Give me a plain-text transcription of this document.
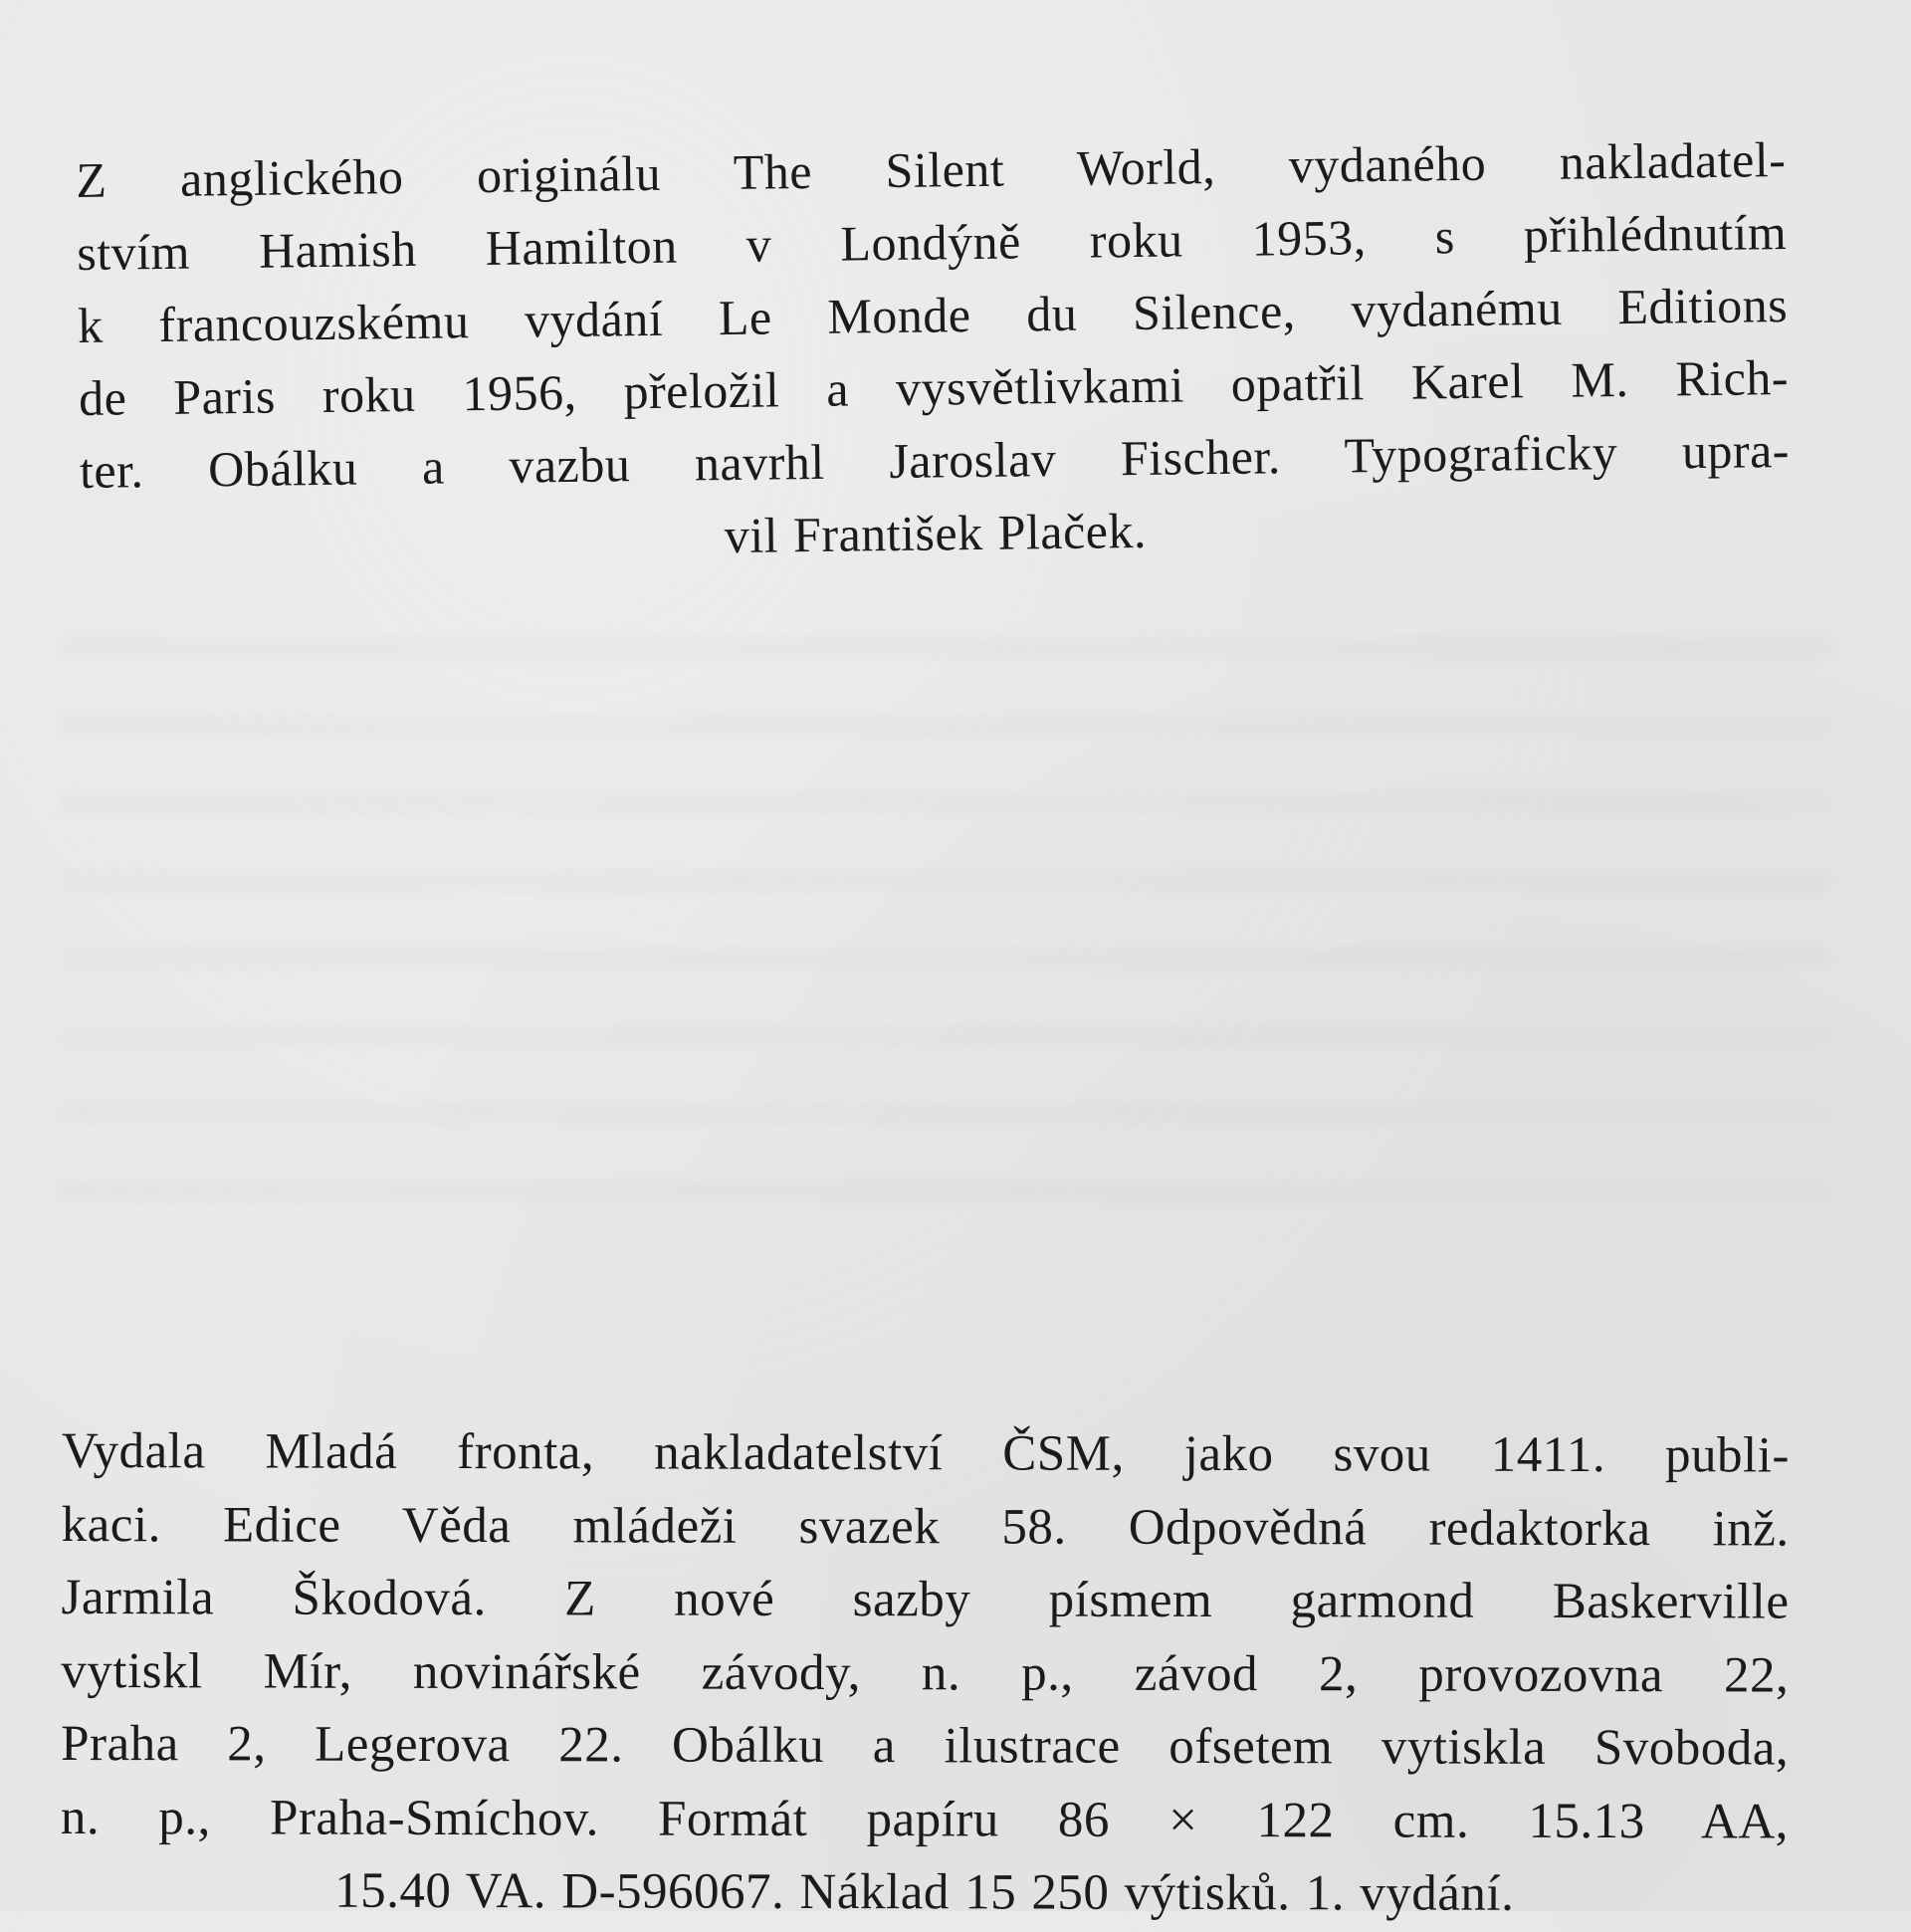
Z anglického originálu The Silent World, vydaného nakladatel-
stvím Hamish Hamilton v Londýně roku 1953, s přihlédnutím
k francouzskému vydání Le Monde du Silence, vydanému Editions
de Paris roku 1956, přeložil a vysvětlivkami opatřil Karel M. Rich-
ter. Obálku a vazbu navrhl Jaroslav Fischer. Typograficky upra-
vil František Plaček.
Vydala Mladá fronta, nakladatelství ČSM, jako svou 1411. publi-
kaci. Edice Věda mládeži svazek 58. Odpovědná redaktorka inž.
Jarmila Škodová. Z nové sazby písmem garmond Baskerville
vytiskl Mír, novinářské závody, n. p., závod 2, provozovna 22,
Praha 2, Legerova 22. Obálku a ilustrace ofsetem vytiskla Svoboda,
n. p., Praha-Smíchov. Formát papíru 86 × 122 cm. 15.13 AA,
15.40 VA. D-596067. Náklad 15 250 výtisků. 1. vydání.
